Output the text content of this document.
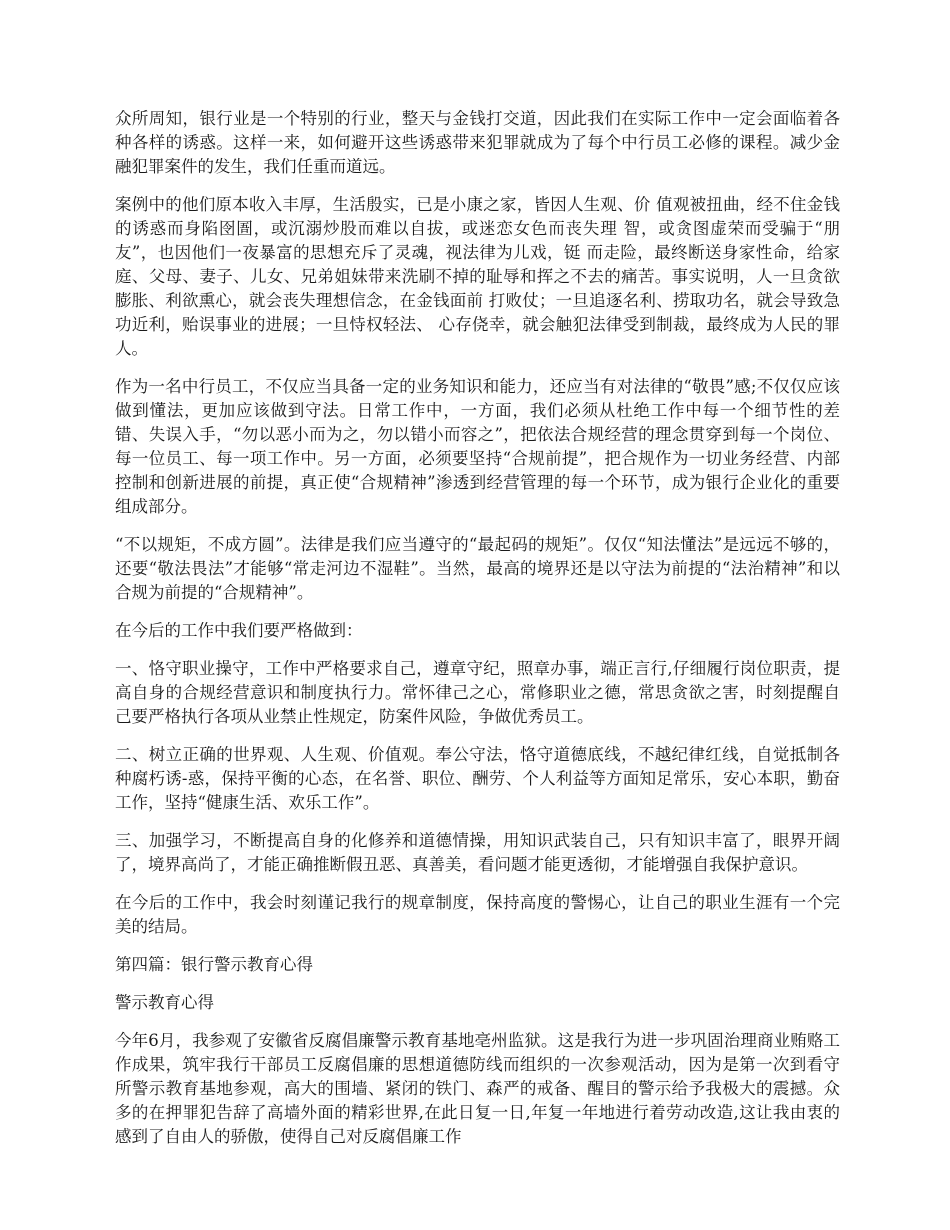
众所周知，银行业是一个特别的行业，整天与金钱打交道，因此我们在实际工作中一定会面临着各种各样的诱惑。这样一来，如何避开这些诱惑带来犯罪就成为了每个中行员工必修的课程。减少金融犯罪案件的发生，我们任重而道远。

案例中的他们原本收入丰厚，生活殷实，已是小康之家，皆因人生观、价 值观被扭曲，经不住金钱的诱惑而身陷囹圄，或沉溺炒股而难以自拔，或迷恋女色而丧失理 智，或贪图虚荣而受骗于“朋友”，也因他们一夜暴富的思想充斥了灵魂，视法律为儿戏，铤 而走险，最终断送身家性命，给家庭、父母、妻子、儿女、兄弟姐妹带来洗刷不掉的耻辱和挥之不去的痛苦。事实说明，人一旦贪欲膨胀、利欲熏心，就会丧失理想信念，在金钱面前 打败仗；一旦追逐名利、捞取功名，就会导致急功近利，贻误事业的进展；一旦恃权轻法、 心存侥幸，就会触犯法律受到制裁，最终成为人民的罪人。

作为一名中行员工，不仅应当具备一定的业务知识和能力，还应当有对法律的“敬畏”感;不仅仅应该做到懂法，更加应该做到守法。日常工作中，一方面，我们必须从杜绝工作中每一个细节性的差错、失误入手，“勿以恶小而为之，勿以错小而容之”，把依法合规经营的理念贯穿到每一个岗位、每一位员工、每一项工作中。另一方面，必须要坚持“合规前提”，把合规作为一切业务经营、内部控制和创新进展的前提，真正使“合规精神”渗透到经营管理的每一个环节，成为银行企业化的重要组成部分。

“不以规矩，不成方圆”。法律是我们应当遵守的“最起码的规矩”。仅仅“知法懂法”是远远不够的，还要“敬法畏法”才能够“常走河边不湿鞋”。当然，最高的境界还是以守法为前提的“法治精神”和以合规为前提的“合规精神”。

在今后的工作中我们要严格做到：

一、恪守职业操守，工作中严格要求自己，遵章守纪，照章办事，端正言行,仔细履行岗位职责，提高自身的合规经营意识和制度执行力。常怀律己之心，常修职业之德，常思贪欲之害，时刻提醒自己要严格执行各项从业禁止性规定，防案件风险，争做优秀员工。

二、树立正确的世界观、人生观、价值观。奉公守法，恪守道德底线，不越纪律红线，自觉抵制各种腐朽诱-惑，保持平衡的心态，在名誉、职位、酬劳、个人利益等方面知足常乐，安心本职，勤奋工作，坚持“健康生活、欢乐工作”。

三、加强学习，不断提高自身的化修养和道德情操，用知识武装自己，只有知识丰富了，眼界开阔了，境界高尚了，才能正确推断假丑恶、真善美，看问题才能更透彻，才能增强自我保护意识。

在今后的工作中，我会时刻谨记我行的规章制度，保持高度的警惕心，让自己的职业生涯有一个完美的结局。

第四篇：银行警示教育心得

警示教育心得

今年6月，我参观了安徽省反腐倡廉警示教育基地亳州监狱。这是我行为进一步巩固治理商业贿赂工作成果，筑牢我行干部员工反腐倡廉的思想道德防线而组织的一次参观活动，因为是第一次到看守所警示教育基地参观，高大的围墙、紧闭的铁门、森严的戒备、醒目的警示给予我极大的震撼。众多的在押罪犯告辞了高墙外面的精彩世界,在此日复一日,年复一年地进行着劳动改造,这让我由衷的感到了自由人的骄傲，使得自己对反腐倡廉工作
